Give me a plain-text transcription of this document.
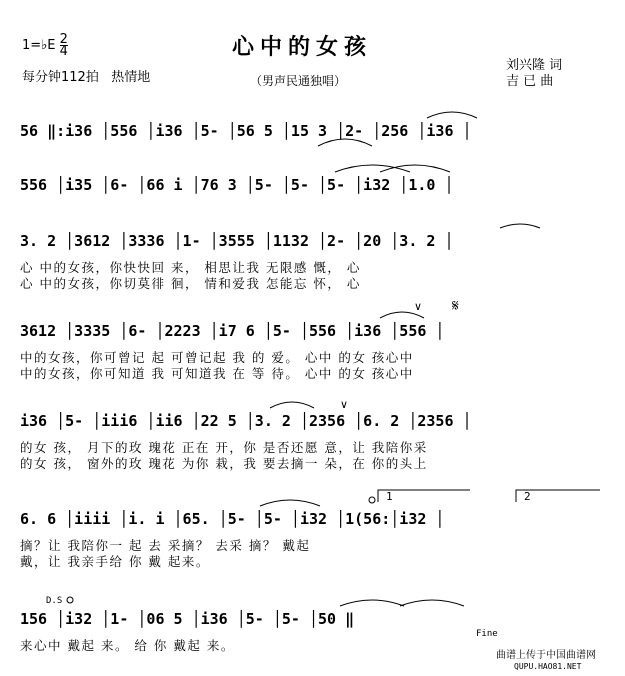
1=♭E $\frac{2}{4}$
每分钟112拍 热情地
心中的女孩
（男声民通独唱）
刘兴隆 词
吉 已 曲
56 ‖:i36 │556 │i36 │5- │56 5 │15 3 │2- │256 │i36 │
556 │i35 │6- │66 i │76 3 │5- │5- │5- │i32 │1.0 │
3. 2 │3612 │3336 │1- │3555 │1132 │2- │20 │3. 2 │
心 中的女孩，你快快回 来， 相思让我 无限感 慨， 心
心 中的女孩，你切莫徘 徊， 情和爱我 怎能忘 怀， 心
𝄋
∨
3612 │3335 │6- │2223 │i7 6 │5- │556 │i36 │556 │
中的女孩，你可曾记 起 可曾记起 我 的 爱。 心中 的女 孩心中
中的女孩，你可知道 我 可知道我 在 等 待。 心中 的女 孩心中
∨
i36 │5- │iii6 │ii6 │22 5 │3. 2 │2356 │6. 2 │2356 │
的女 孩， 月下的玫 瑰花 正在 开，你 是否还愿 意，让 我陪你采
的女 孩， 窗外的玫 瑰花 为你 栽，我 要去摘一 朵，在 你的头上
1	2
6. 6 │iiii │i. i │65. │5- │5- │i32 │1(56:│i32 │
摘？让 我陪你一 起 去 采摘？ 去采 摘？ 戴起
戴，让 我亲手给 你 戴 起来。
D.S
156 │i32 │1- │06 5 │i36 │5- │5- │50 ‖
来心中 戴起 来。 给 你 戴起 来。
Fine
曲谱上传于中国曲谱网
QUPU.HAO81.NET
